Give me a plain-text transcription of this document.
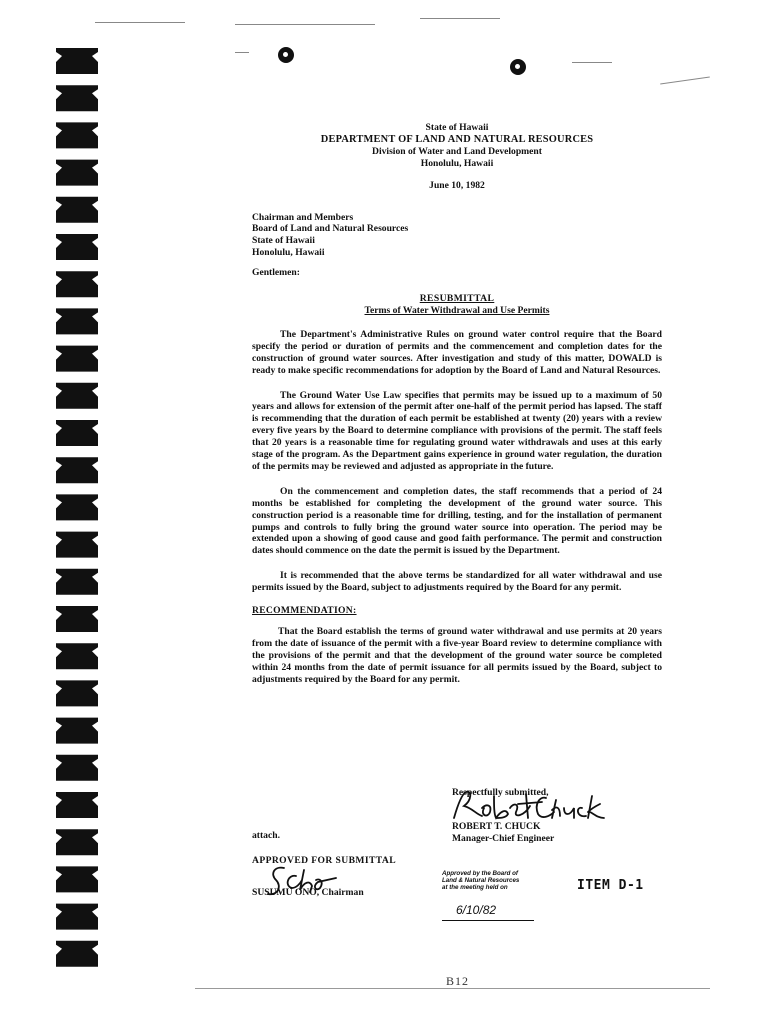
State of Hawaii
DEPARTMENT OF LAND AND NATURAL RESOURCES
Division of Water and Land Development
Honolulu, Hawaii
June 10, 1982
Chairman and Members
Board of Land and Natural Resources
State of Hawaii
Honolulu, Hawaii
Gentlemen:
RESUBMITTAL
Terms of Water Withdrawal and Use Permits

The Department's Administrative Rules on ground water control require that the Board specify the period or duration of permits and the commencement and completion dates for the construction of ground water sources. After investigation and study of this matter, DOWALD is ready to make specific recommendations for adoption by the Board of Land and Natural Resources.

The Ground Water Use Law specifies that permits may be issued up to a maximum of 50 years and allows for extension of the permit after one-half of the permit period has lapsed. The staff is recommending that the duration of each permit be established at twenty (20) years with a review every five years by the Board to determine compliance with provisions of the permit. The staff feels that 20 years is a reasonable time for regulating ground water withdrawals and uses at this early stage of the program. As the Department gains experience in ground water regulation, the duration of the permits may be reviewed and adjusted as appropriate in the future.

On the commencement and completion dates, the staff recommends that a period of 24 months be established for completing the development of the ground water source. This construction period is a reasonable time for drilling, testing, and for the installation of permanent pumps and controls to fully bring the ground water source into operation. The period may be extended upon a showing of good cause and good faith performance. The permit and construction dates should commence on the date the permit is issued by the Department.

It is recommended that the above terms be standardized for all water withdrawal and use permits issued by the Board, subject to adjustments required by the Board for any permit.

RECOMMENDATION:

That the Board establish the terms of ground water withdrawal and use permits at 20 years from the date of issuance of the permit with a five-year Board review to determine compliance with the provisions of the permit and that the development of the ground water source be completed within 24 months from the date of permit issuance for all permits issued by the Board, subject to adjustments required by the Board for any permit.

Respectfully submitted,
ROBERT T. CHUCK
Manager-Chief Engineer
attach.
APPROVED FOR SUBMITTAL
SUSUMU ONO, Chairman
Approved by the Board of
Land & Natural Resources
at the meeting held on
6/10/82
ITEM D-1
B12
